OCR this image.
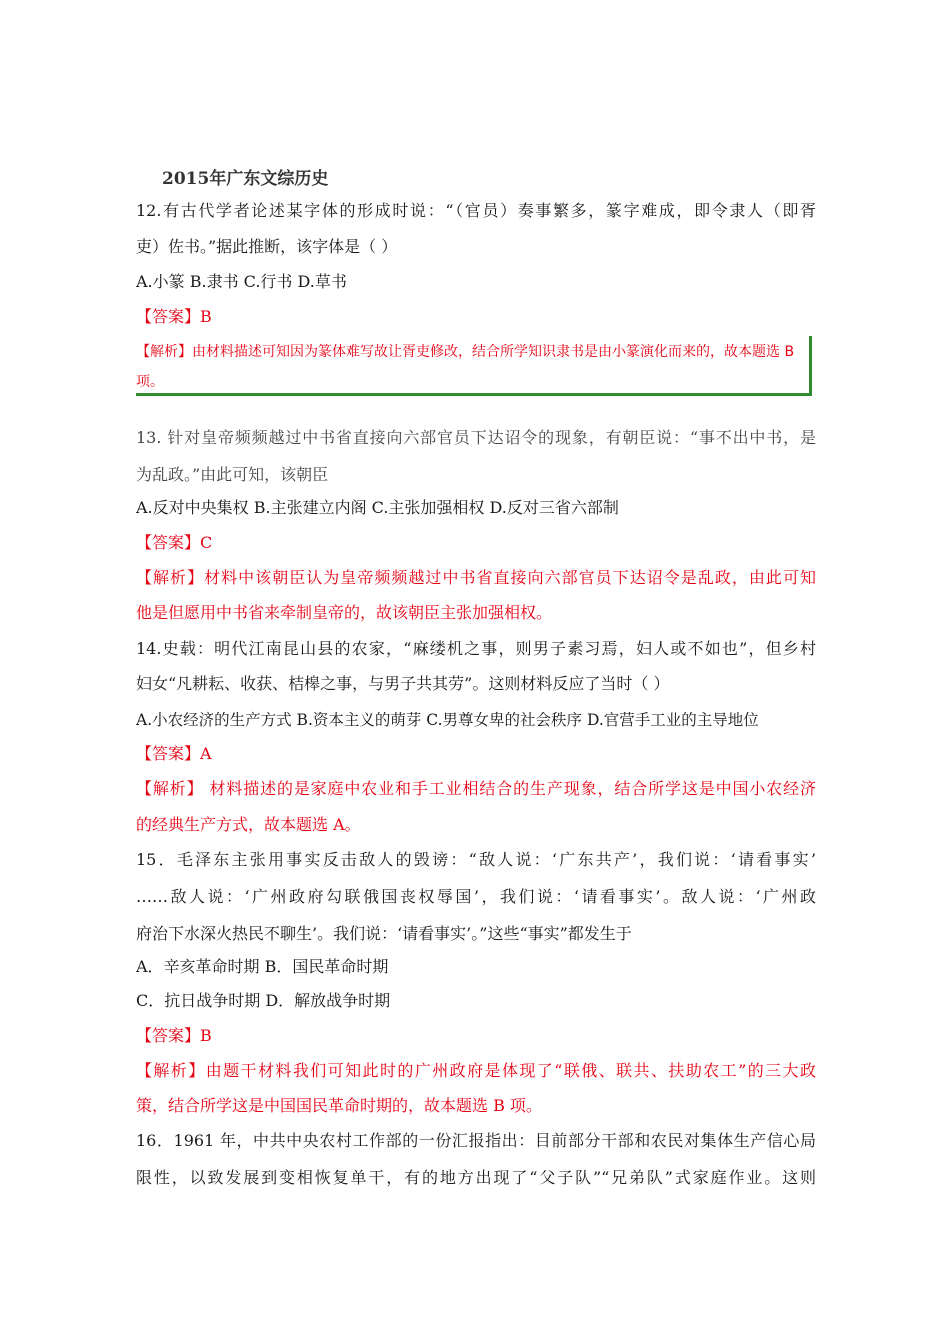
2015年广东文综历史
12.有古代学者论述某字体的形成时说：“（官员）奏事繁多，篆字难成，即令隶人（即胥
吏）佐书。”据此推断，该字体是（ ）
A.小篆 B.隶书 C.行书 D.草书
【答案】B
【解析】由材料描述可知因为篆体难写故让胥吏修改，结合所学知识隶书是由小篆演化而来的，故本题选 B
项。
13. 针对皇帝频频越过中书省直接向六部官员下达诏令的现象，有朝臣说：“事不出中书，是
为乱政。”由此可知，该朝臣
A.反对中央集权 B.主张建立内阁 C.主张加强相权 D.反对三省六部制
【答案】C
【解析】材料中该朝臣认为皇帝频频越过中书省直接向六部官员下达诏令是乱政，由此可知
他是但愿用中书省来牵制皇帝的，故该朝臣主张加强相权。
14.史载：明代江南昆山县的农家，“麻缕机之事，则男子素习焉，妇人或不如也”，但乡村
妇女“凡耕耘、收获、桔槔之事，与男子共其劳”。这则材料反应了当时（ ）
A.小农经济的生产方式 B.资本主义的萌芽 C.男尊女卑的社会秩序 D.官营手工业的主导地位
【答案】A
【解析】 材料描述的是家庭中农业和手工业相结合的生产现象，结合所学这是中国小农经济
的经典生产方式，故本题选 A。
15．毛泽东主张用事实反击敌人的毁谤：“敌人说：‘广东共产’，我们说：‘请看事实’
……敌人说：‘广州政府勾联俄国丧权辱国’，我们说：‘请看事实’。敌人说：‘广州政
府治下水深火热民不聊生’。我们说：‘请看事实’。”这些“事实”都发生于
A．辛亥革命时期 B．国民革命时期
C．抗日战争时期 D．解放战争时期
【答案】B
【解析】由题干材料我们可知此时的广州政府是体现了“联俄、联共、扶助农工”的三大政
策，结合所学这是中国国民革命时期的，故本题选 B 项。
16．1961 年，中共中央农村工作部的一份汇报指出：目前部分干部和农民对集体生产信心局
限性，以致发展到变相恢复单干，有的地方出现了“父子队”“兄弟队”式家庭作业。这则
